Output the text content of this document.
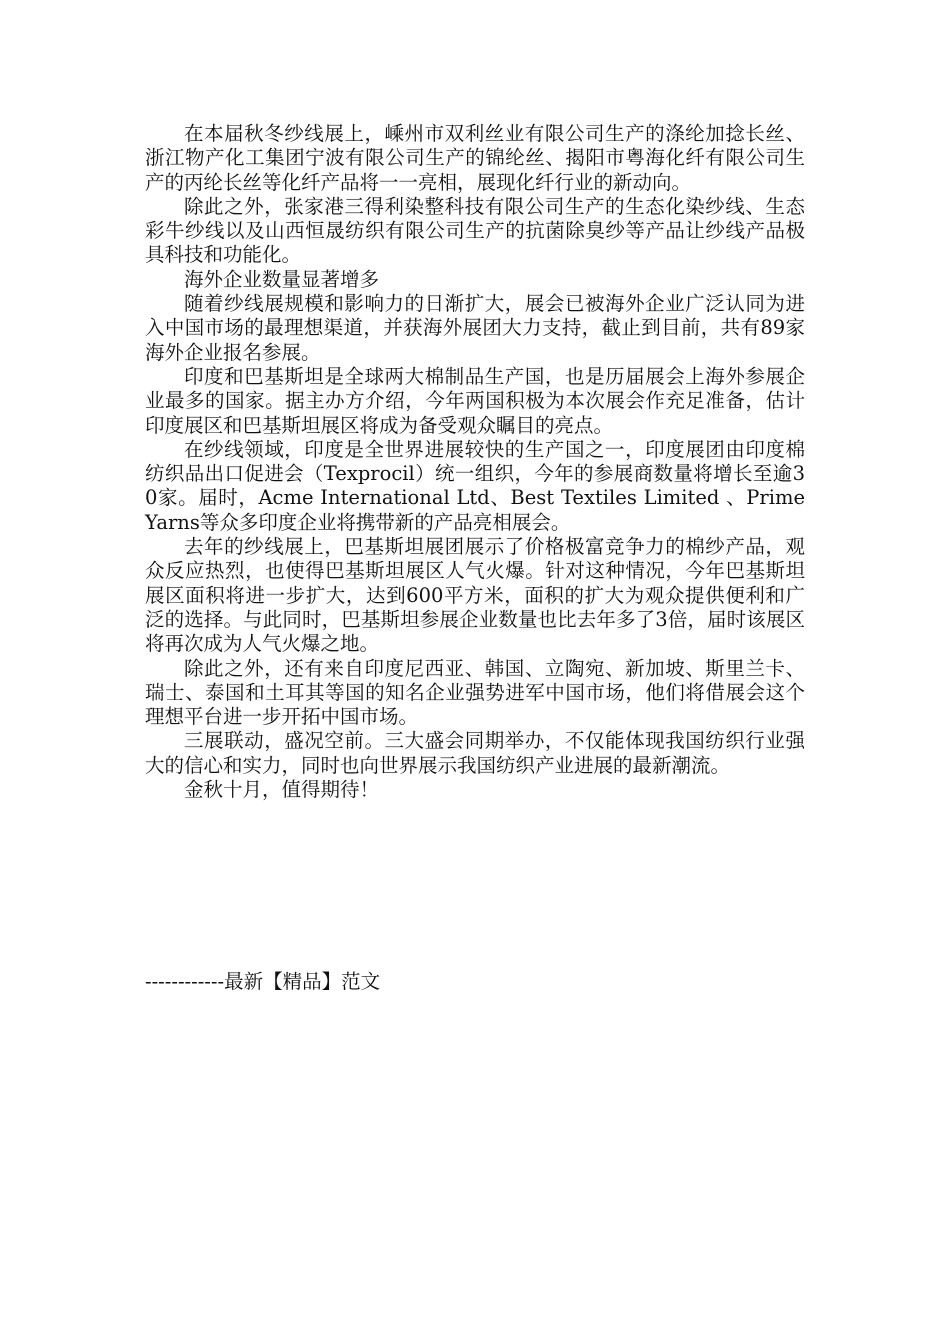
在本届秋冬纱线展上，嵊州市双利丝业有限公司生产的涤纶加捻长丝、浙江物产化工集团宁波有限公司生产的锦纶丝、揭阳市粤海化纤有限公司生产的丙纶长丝等化纤产品将一一亮相，展现化纤行业的新动向。

除此之外，张家港三得利染整科技有限公司生产的生态化染纱线、生态彩牛纱线以及山西恒晟纺织有限公司生产的抗菌除臭纱等产品让纱线产品极具科技和功能化。

海外企业数量显著增多

随着纱线展规模和影响力的日渐扩大，展会已被海外企业广泛认同为进入中国市场的最理想渠道，并获海外展团大力支持，截止到目前，共有89家海外企业报名参展。

印度和巴基斯坦是全球两大棉制品生产国，也是历届展会上海外参展企业最多的国家。据主办方介绍，今年两国积极为本次展会作充足准备，估计印度展区和巴基斯坦展区将成为备受观众瞩目的亮点。

在纱线领域，印度是全世界进展较快的生产国之一，印度展团由印度棉纺织品出口促进会（Texprocil）统一组织，今年的参展商数量将增长至逾30家。届时，Acme International Ltd、Best Textiles Limited 、Prime Yarns等众多印度企业将携带新的产品亮相展会。

去年的纱线展上，巴基斯坦展团展示了价格极富竞争力的棉纱产品，观众反应热烈，也使得巴基斯坦展区人气火爆。针对这种情况，今年巴基斯坦展区面积将进一步扩大，达到600平方米，面积的扩大为观众提供便利和广泛的选择。与此同时，巴基斯坦参展企业数量也比去年多了3倍，届时该展区将再次成为人气火爆之地。

除此之外，还有来自印度尼西亚、韩国、立陶宛、新加坡、斯里兰卡、瑞士、泰国和土耳其等国的知名企业强势进军中国市场，他们将借展会这个理想平台进一步开拓中国市场。

三展联动，盛况空前。三大盛会同期举办，不仅能体现我国纺织行业强大的信心和实力，同时也向世界展示我国纺织产业进展的最新潮流。

金秋十月，值得期待！

------------最新【精品】范文
